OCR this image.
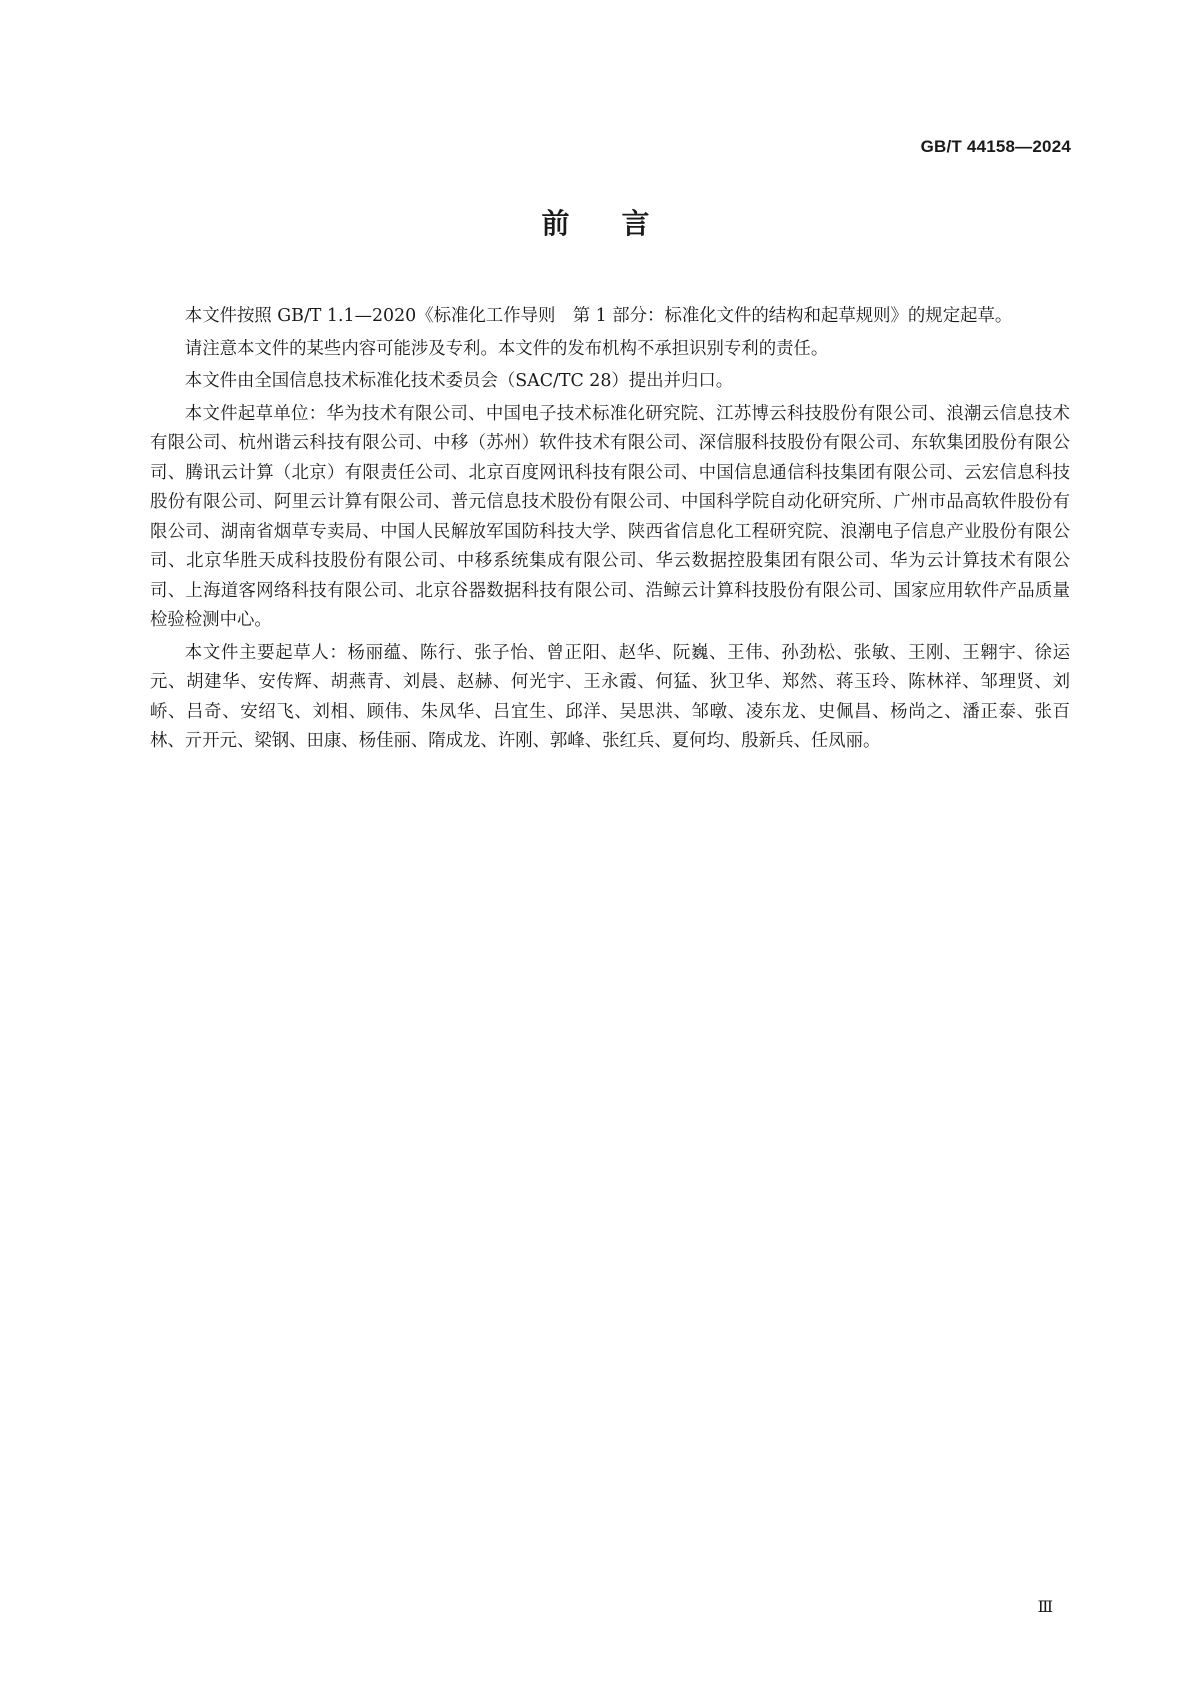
GB/T 44158—2024
前言

本文件按照 GB/T 1.1—2020《标准化工作导则　第 1 部分：标准化文件的结构和起草规则》的规定起草。

请注意本文件的某些内容可能涉及专利。本文件的发布机构不承担识别专利的责任。

本文件由全国信息技术标准化技术委员会（SAC/TC 28）提出并归口。

本文件起草单位：华为技术有限公司、中国电子技术标准化研究院、江苏博云科技股份有限公司、浪潮云信息技术有限公司、杭州谐云科技有限公司、中移（苏州）软件技术有限公司、深信服科技股份有限公司、东软集团股份有限公司、腾讯云计算（北京）有限责任公司、北京百度网讯科技有限公司、中国信息通信科技集团有限公司、云宏信息科技股份有限公司、阿里云计算有限公司、普元信息技术股份有限公司、中国科学院自动化研究所、广州市品高软件股份有限公司、湖南省烟草专卖局、中国人民解放军国防科技大学、陕西省信息化工程研究院、浪潮电子信息产业股份有限公司、北京华胜天成科技股份有限公司、中移系统集成有限公司、华云数据控股集团有限公司、华为云计算技术有限公司、上海道客网络科技有限公司、北京谷器数据科技有限公司、浩鲸云计算科技股份有限公司、国家应用软件产品质量检验检测中心。

本文件主要起草人：杨丽蕴、陈行、张子怡、曾正阳、赵华、阮巍、王伟、孙劲松、张敏、王刚、王翱宇、徐运元、胡建华、安传辉、胡燕青、刘晨、赵赫、何光宇、王永霞、何猛、狄卫华、郑然、蒋玉玲、陈林祥、邹理贤、刘峤、吕奇、安绍飞、刘相、顾伟、朱凤华、吕宜生、邱洋、吴思洪、邹暾、凌东龙、史佩昌、杨尚之、潘正泰、张百林、亓开元、梁钢、田康、杨佳丽、隋成龙、许刚、郭峰、张红兵、夏何均、殷新兵、任凤丽。

Ⅲ
